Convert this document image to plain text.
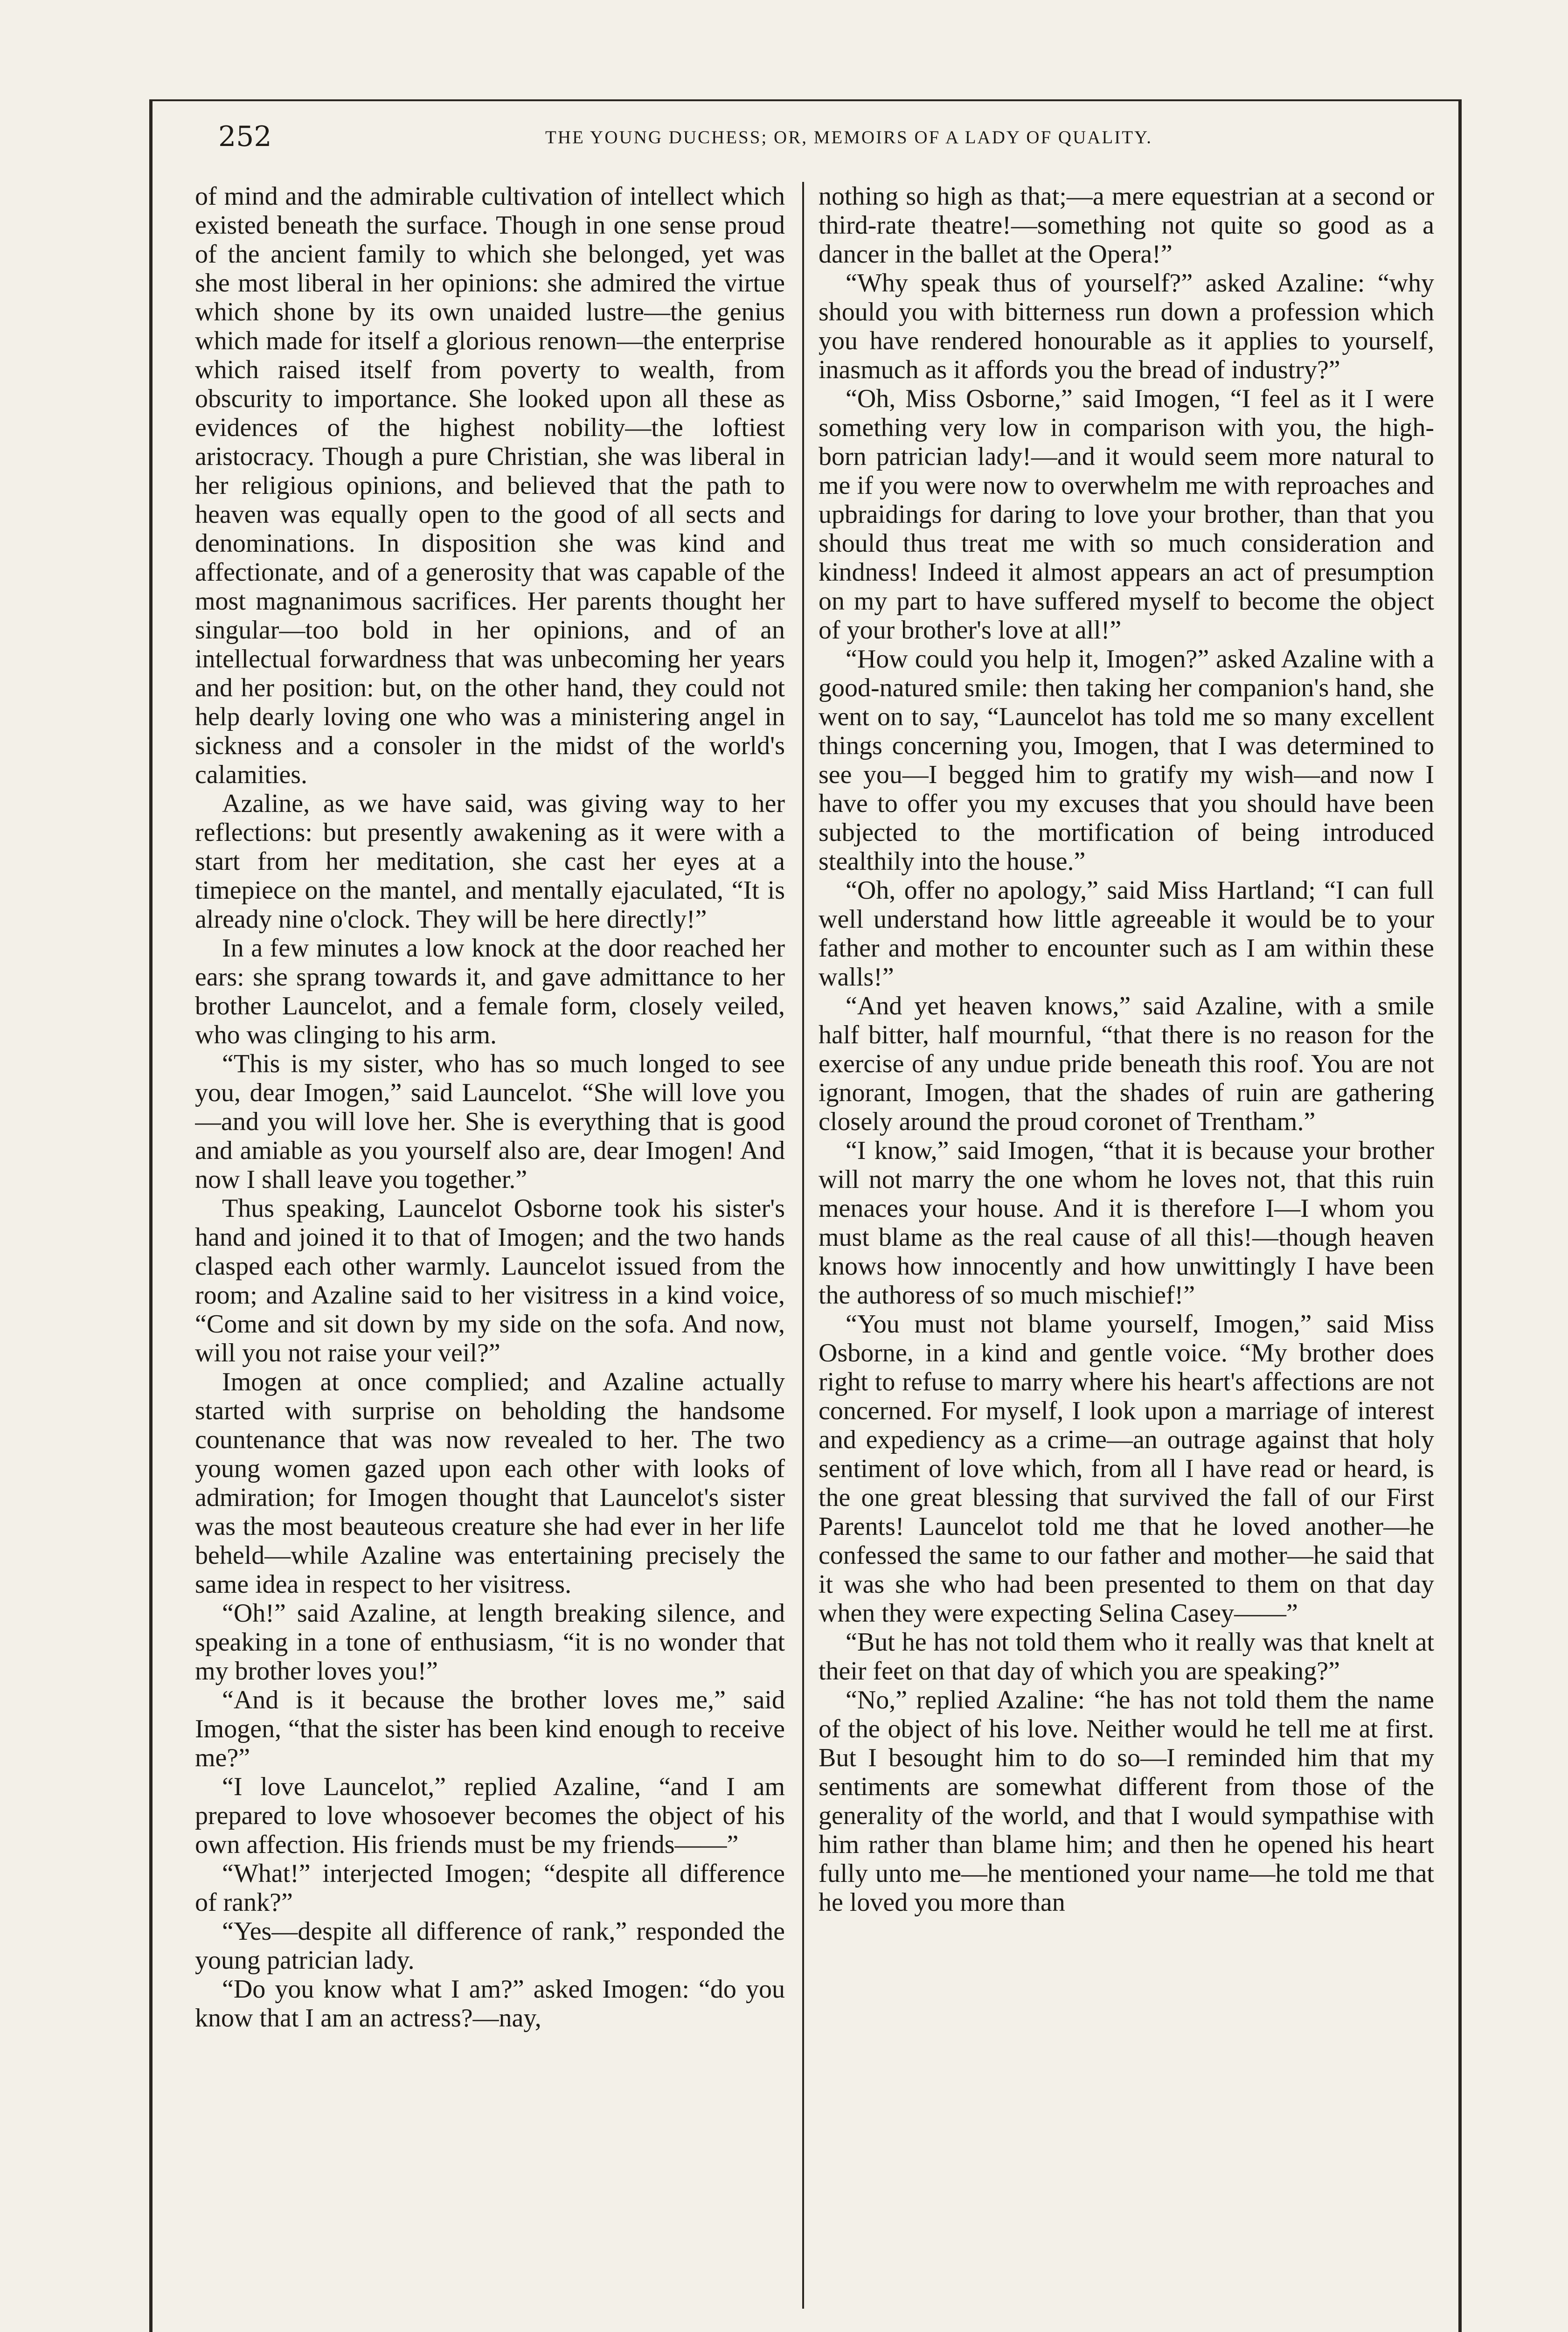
252	THE YOUNG DUCHESS; OR, MEMOIRS OF A LADY OF QUALITY.

of mind and the admirable cultivation of intellect which existed beneath the surface. Though in one sense proud of the ancient family to which she belonged, yet was she most liberal in her opinions: she admired the virtue which shone by its own unaided lustre—the genius which made for itself a glorious renown—the enterprise which raised itself from poverty to wealth, from obscurity to importance. She looked upon all these as evidences of the highest nobility—the loftiest aristocracy. Though a pure Christian, she was liberal in her religious opinions, and believed that the path to heaven was equally open to the good of all sects and denominations. In disposition she was kind and affectionate, and of a generosity that was capable of the most magnanimous sacrifices. Her parents thought her singular—too bold in her opinions, and of an intellectual forwardness that was unbecoming her years and her position: but, on the other hand, they could not help dearly loving one who was a ministering angel in sickness and a consoler in the midst of the world's calamities.

Azaline, as we have said, was giving way to her reflections: but presently awakening as it were with a start from her meditation, she cast her eyes at a timepiece on the mantel, and mentally ejaculated, “It is already nine o'clock. They will be here directly!”

In a few minutes a low knock at the door reached her ears: she sprang towards it, and gave admittance to her brother Launcelot, and a female form, closely veiled, who was clinging to his arm.

“This is my sister, who has so much longed to see you, dear Imogen,” said Launcelot. “She will love you—and you will love her. She is everything that is good and amiable as you yourself also are, dear Imogen! And now I shall leave you together.”

Thus speaking, Launcelot Osborne took his sister's hand and joined it to that of Imogen; and the two hands clasped each other warmly. Launcelot issued from the room; and Azaline said to her visitress in a kind voice, “Come and sit down by my side on the sofa. And now, will you not raise your veil?”

Imogen at once complied; and Azaline actually started with surprise on beholding the handsome countenance that was now revealed to her. The two young women gazed upon each other with looks of admiration; for Imogen thought that Launcelot's sister was the most beauteous creature she had ever in her life beheld—while Azaline was entertaining precisely the same idea in respect to her visitress.

“Oh!” said Azaline, at length breaking silence, and speaking in a tone of enthusiasm, “it is no wonder that my brother loves you!”

“And is it because the brother loves me,” said Imogen, “that the sister has been kind enough to receive me?”

“I love Launcelot,” replied Azaline, “and I am prepared to love whosoever becomes the object of his own affection. His friends must be my friends——”

“What!” interjected Imogen; “despite all difference of rank?”

“Yes—despite all difference of rank,” responded the young patrician lady.

“Do you know what I am?” asked Imogen: “do you know that I am an actress?—nay,

nothing so high as that;—a mere equestrian at a second or third-rate theatre!—something not quite so good as a dancer in the ballet at the Opera!”

“Why speak thus of yourself?” asked Azaline: “why should you with bitterness run down a profession which you have rendered honourable as it applies to yourself, inasmuch as it affords you the bread of industry?”

“Oh, Miss Osborne,” said Imogen, “I feel as it I were something very low in comparison with you, the high-born patrician lady!—and it would seem more natural to me if you were now to overwhelm me with reproaches and upbraidings for daring to love your brother, than that you should thus treat me with so much consideration and kindness! Indeed it almost appears an act of presumption on my part to have suffered myself to become the object of your brother's love at all!”

“How could you help it, Imogen?” asked Azaline with a good-natured smile: then taking her companion's hand, she went on to say, “Launcelot has told me so many excellent things concerning you, Imogen, that I was determined to see you—I begged him to gratify my wish—and now I have to offer you my excuses that you should have been subjected to the mortification of being introduced stealthily into the house.”

“Oh, offer no apology,” said Miss Hartland; “I can full well understand how little agreeable it would be to your father and mother to encounter such as I am within these walls!”

“And yet heaven knows,” said Azaline, with a smile half bitter, half mournful, “that there is no reason for the exercise of any undue pride beneath this roof. You are not ignorant, Imogen, that the shades of ruin are gathering closely around the proud coronet of Trentham.”

“I know,” said Imogen, “that it is because your brother will not marry the one whom he loves not, that this ruin menaces your house. And it is therefore I—I whom you must blame as the real cause of all this!—though heaven knows how innocently and how unwittingly I have been the authoress of so much mischief!”

“You must not blame yourself, Imogen,” said Miss Osborne, in a kind and gentle voice. “My brother does right to refuse to marry where his heart's affections are not concerned. For myself, I look upon a marriage of interest and expediency as a crime—an outrage against that holy sentiment of love which, from all I have read or heard, is the one great blessing that survived the fall of our First Parents! Launcelot told me that he loved another—he confessed the same to our father and mother—he said that it was she who had been presented to them on that day when they were expecting Selina Casey——”

“But he has not told them who it really was that knelt at their feet on that day of which you are speaking?”

“No,” replied Azaline: “he has not told them the name of the object of his love. Neither would he tell me at first. But I besought him to do so—I reminded him that my sentiments are somewhat different from those of the generality of the world, and that I would sympathise with him rather than blame him; and then he opened his heart fully unto me—he mentioned your name—he told me that he loved you more than
